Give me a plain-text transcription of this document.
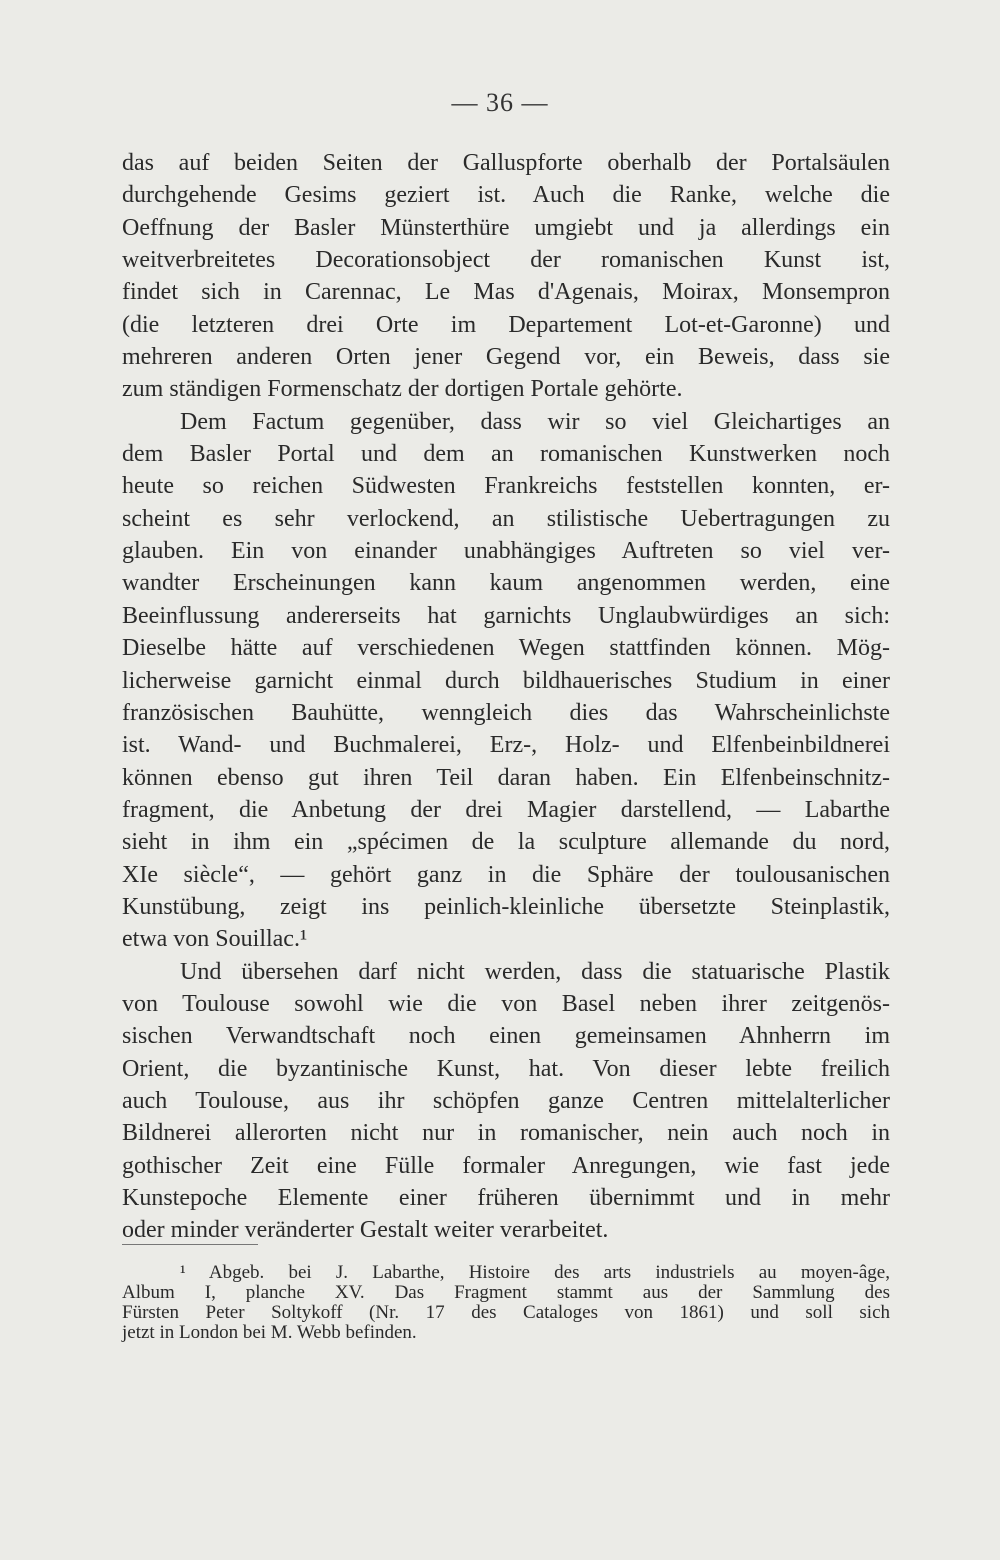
— 36 —
das auf beiden Seiten der Galluspforte oberhalb der Portalsäulen
durchgehende Gesims geziert ist. Auch die Ranke, welche die
Oeffnung der Basler Münsterthüre umgiebt und ja allerdings ein
weitverbreitetes Decorationsobject der romanischen Kunst ist,
findet sich in Carennac, Le Mas d'Agenais, Moirax, Monsempron
(die letzteren drei Orte im Departement Lot-et-Garonne) und
mehreren anderen Orten jener Gegend vor, ein Beweis, dass sie
zum ständigen Formenschatz der dortigen Portale gehörte.
Dem Factum gegenüber, dass wir so viel Gleichartiges an
dem Basler Portal und dem an romanischen Kunstwerken noch
heute so reichen Südwesten Frankreichs feststellen konnten, er-
scheint es sehr verlockend, an stilistische Uebertragungen zu
glauben. Ein von einander unabhängiges Auftreten so viel ver-
wandter Erscheinungen kann kaum angenommen werden, eine
Beeinflussung andererseits hat garnichts Unglaubwürdiges an sich:
Dieselbe hätte auf verschiedenen Wegen stattfinden können. Mög-
licherweise garnicht einmal durch bildhauerisches Studium in einer
französischen Bauhütte, wenngleich dies das Wahrscheinlichste
ist. Wand- und Buchmalerei, Erz-, Holz- und Elfenbeinbildnerei
können ebenso gut ihren Teil daran haben. Ein Elfenbeinschnitz-
fragment, die Anbetung der drei Magier darstellend, — Labarthe
sieht in ihm ein „spécimen de la sculpture allemande du nord,
XIe siècle“, — gehört ganz in die Sphäre der toulousanischen
Kunstübung, zeigt ins peinlich-kleinliche übersetzte Steinplastik,
etwa von Souillac.¹
Und übersehen darf nicht werden, dass die statuarische Plastik
von Toulouse sowohl wie die von Basel neben ihrer zeitgenös-
sischen Verwandtschaft noch einen gemeinsamen Ahnherrn im
Orient, die byzantinische Kunst, hat. Von dieser lebte freilich
auch Toulouse, aus ihr schöpfen ganze Centren mittelalterlicher
Bildnerei allerorten nicht nur in romanischer, nein auch noch in
gothischer Zeit eine Fülle formaler Anregungen, wie fast jede
Kunstepoche Elemente einer früheren übernimmt und in mehr
oder minder veränderter Gestalt weiter verarbeitet.
¹ Abgeb. bei J. Labarthe, Histoire des arts industriels au moyen-âge,
Album I, planche XV. Das Fragment stammt aus der Sammlung des
Fürsten Peter Soltykoff (Nr. 17 des Cataloges von 1861) und soll sich
jetzt in London bei M. Webb befinden.
